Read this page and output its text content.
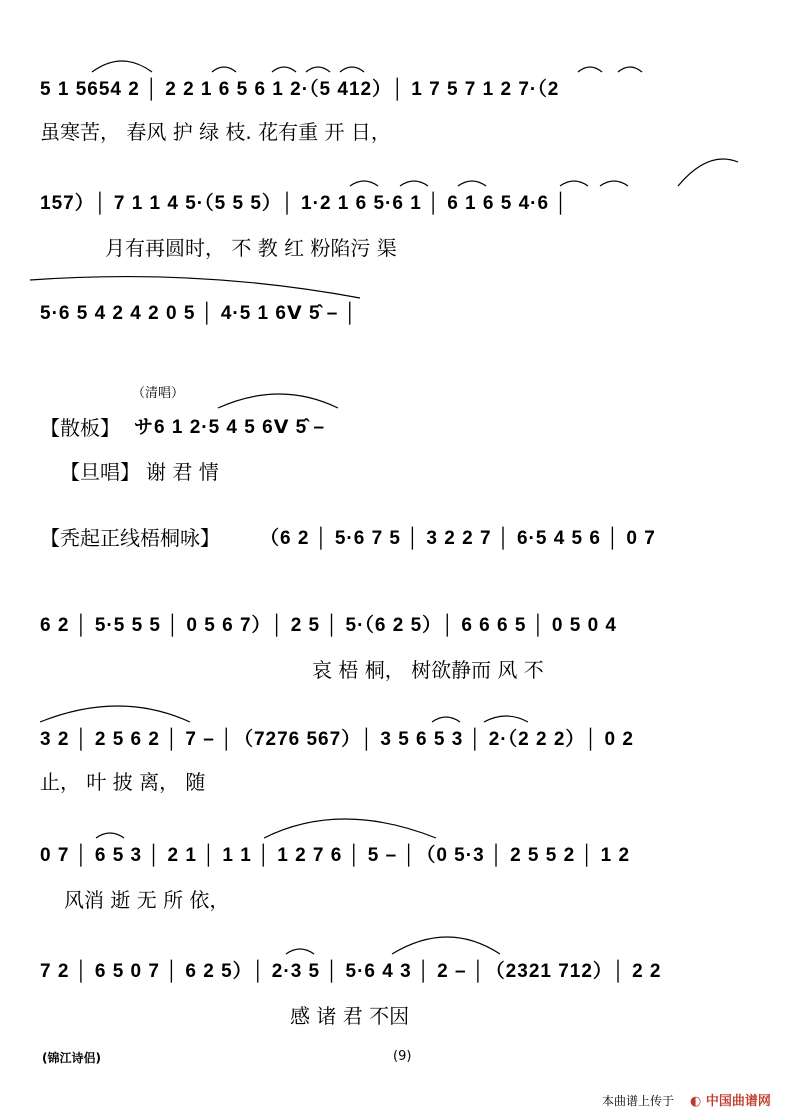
5 1 5654 2 │ 2 2 1 6 5 6 1 2·（5 412）│ 1 7 5 7 1 2 7·（2
虽寒苦， 春风 护 绿 枝. 花有重 开 日，
157）│ 7 1 1 4 5·（5 5 5）│ 1·2 1 6 5·6 1 │ 6 1 6 5 4·6 │
月有再圆时， 不 教 红 粉陷污 渠
5·6 5 4 2 4 2 0 5 │ 4·5 1 6ᐯ 5̂ – │
（清唱）
【散板】 サ6 1 2·5 4 5 6ᐯ 5̂ –
【旦唱】 谢 君 情
【秃起正线梧桐咏】 （6 2 │ 5·6 7 5 │ 3 2 2 7 │ 6·5 4 5 6 │ 0 7
6 2 │ 5·5 5 5 │ 0 5 6 7）│ 2 5 │ 5·（6 2 5）│ 6 6 6 5 │ 0 5 0 4
哀 梧 桐， 树欲静而 风 不
3 2 │ 2 5 6 2 │ 7 – │（7276 567）│ 3 5 6 5 3 │ 2·（2 2 2）│ 0 2
止， 叶 披 离， 随
0 7 │ 6 5 3 │ 2 1 │ 1 1 │ 1 2 7 6 │ 5 – │（0 5·3 │ 2 5 5 2 │ 1 2
风消 逝 无 所 依，
7 2 │ 6 5 0 7 │ 6 2 5）│ 2·3 5 │ 5·6 4 3 │ 2 – │（2321 712）│ 2 2
感 诸 君 不因
(锦江诗侣)	(9)
本曲谱上传于 ◐ 中国曲谱网
